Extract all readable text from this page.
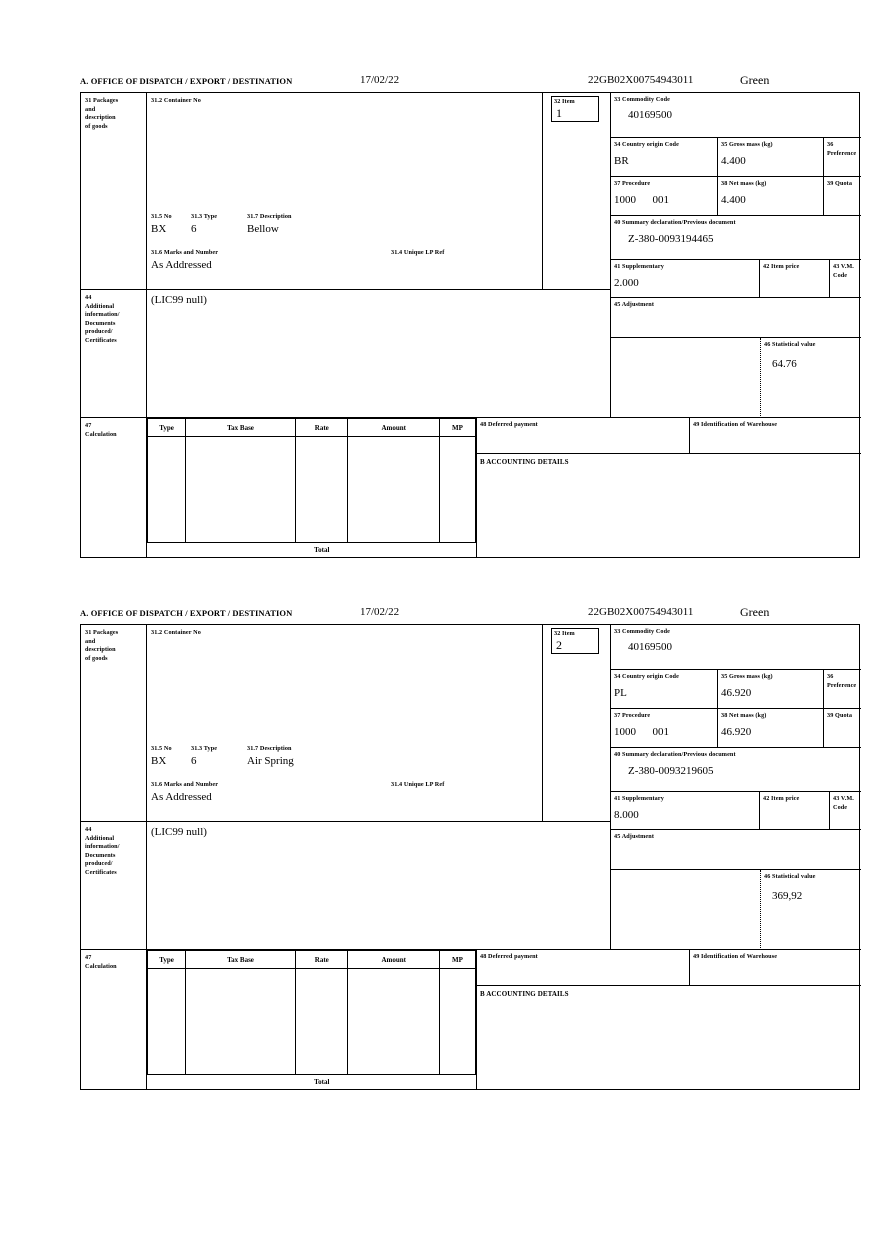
A. OFFICE OF DISPATCH / EXPORT / DESTINATION	17/02/22	22GB02X00754943011	Green
31 Packages
and
description
of goods
31.2 Container No
31.5 No	31.3 Type	31.7 Description
BX 6	Bellow
31.6 Marks and Number	31.4 Unique LP Ref
As Addressed
32 Item
1
33 Commodity Code
40169500
34 Country origin Code
BR
35 Gross mass (kg)
4.400
36 Preference
37 Procedure
1000      001
38 Net mass (kg)
4.400
39 Quota
40 Summary declaration/Previous document
Z-380-0093194465
41 Supplementary
2.000
42 Item price	43 V.M. Code
44
Additional
information/
Documents
produced/
Certificates
(LIC99 null)	45 Adjustment
46 Statistical value
64.76
47
Calculation
Type	Tax Base	Rate	Amount	MP

		Total		
48 Deferred payment	49 Identification of Warehouse
B ACCOUNTING DETAILS
A. OFFICE OF DISPATCH / EXPORT / DESTINATION	17/02/22	22GB02X00754943011	Green
31 Packages
and
description
of goods
31.2 Container No
31.5 No	31.3 Type	31.7 Description
BX 6	Air Spring
31.6 Marks and Number	31.4 Unique LP Ref
As Addressed
32 Item
2
33 Commodity Code
40169500
34 Country origin Code
PL
35 Gross mass (kg)
46.920
36 Preference
37 Procedure
1000      001
38 Net mass (kg)
46.920
39 Quota
40 Summary declaration/Previous document
Z-380-0093219605
41 Supplementary
8.000
42 Item price	43 V.M. Code
44
Additional
information/
Documents
produced/
Certificates
(LIC99 null)	45 Adjustment
46 Statistical value
369,92
47
Calculation
Type	Tax Base	Rate	Amount	MP

		Total		
48 Deferred payment	49 Identification of Warehouse
B ACCOUNTING DETAILS
